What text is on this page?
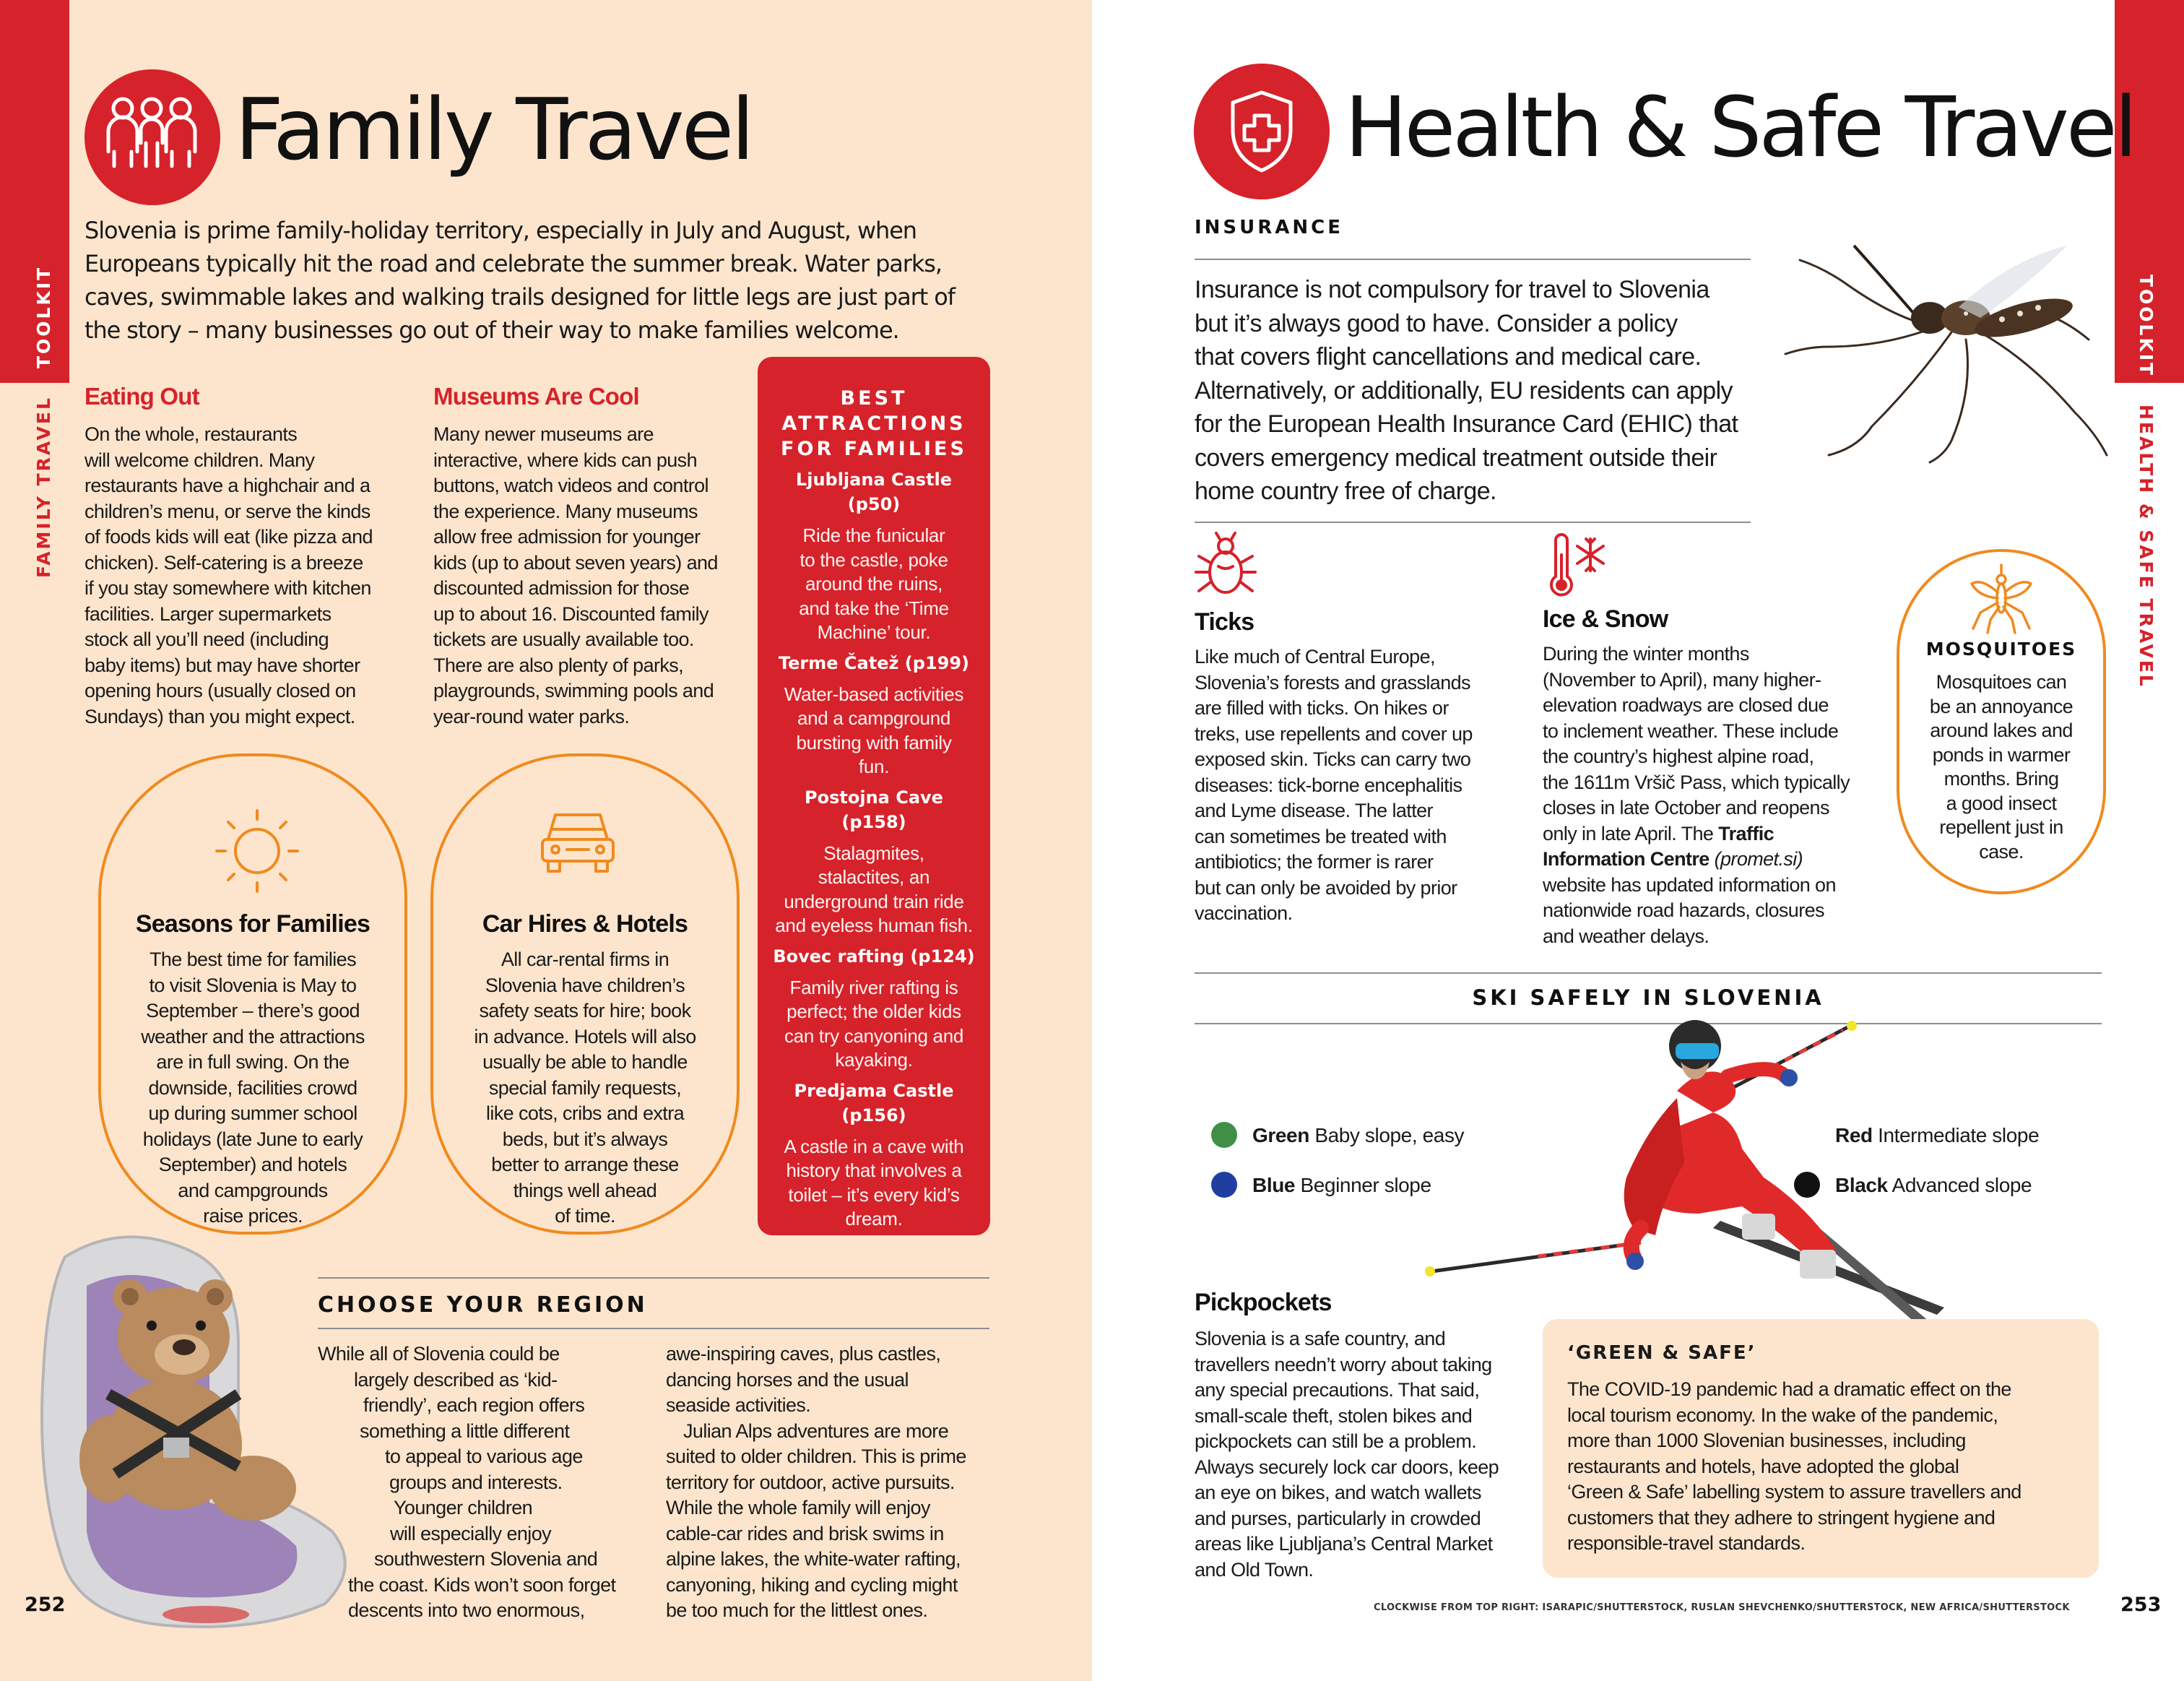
TOOLKIT
FAMILY TRAVEL
Family Travel
Slovenia is prime family-holiday territory, especially in July and August, when
Europeans typically hit the road and celebrate the summer break. Water parks,
caves, swimmable lakes and walking trails designed for little legs are just part of
the story – many businesses go out of their way to make families welcome.
Eating Out
On the whole, restaurants
will welcome children. Many
restaurants have a highchair and a
children’s menu, or serve the kinds
of foods kids will eat (like pizza and
chicken). Self-catering is a breeze
if you stay somewhere with kitchen
facilities. Larger supermarkets
stock all you’ll need (including
baby items) but may have shorter
opening hours (usually closed on
Sundays) than you might expect.
Museums Are Cool
Many newer museums are
interactive, where kids can push
buttons, watch videos and control
the experience. Many museums
allow free admission for younger
kids (up to about seven years) and
discounted admission for those
up to about 16. Discounted family
tickets are usually available too.
There are also plenty of parks,
playgrounds, swimming pools and
year-round water parks.
BEST
ATTRACTIONS
FOR FAMILIES
Ljubljana Castle
(p50)
Ride the funicular
to the castle, poke
around the ruins,
and take the ‘Time
Machine’ tour.
Terme Čatež (p199)
Water-based activities
and a campground
bursting with family
fun.
Postojna Cave (p158)
Stalagmites,
stalactites, an
underground train ride
and eyeless human fish.
Bovec rafting (p124)
Family river rafting is
perfect; the older kids
can try canyoning and
kayaking.
Predjama Castle
(p156)
A castle in a cave with
history that involves a
toilet – it’s every kid’s
dream.
Seasons for Families
The best time for families
to visit Slovenia is May to
September – there’s good
weather and the attractions
are in full swing. On the
downside, facilities crowd
up during summer school
holidays (late June to early
September) and hotels
and campgrounds
raise prices.
Car Hires & Hotels
All car-rental firms in
Slovenia have children’s
safety seats for hire; book
in advance. Hotels will also
usually be able to handle
special family requests,
like cots, cribs and extra
beds, but it’s always
better to arrange these
things well ahead
of time.
CHOOSE YOUR REGION
While all of Slovenia could be
largely described as ‘kid-
friendly’, each region offers
something a little different
to appeal to various age
groups and interests.
Younger children
will especially enjoy
southwestern Slovenia and
the coast. Kids won’t soon forget
descents into two enormous,
awe-inspiring caves, plus castles,
dancing horses and the usual
seaside activities.
Julian Alps adventures are more
suited to older children. This is prime
territory for outdoor, active pursuits.
While the whole family will enjoy
cable-car rides and brisk swims in
alpine lakes, the white-water rafting,
canyoning, hiking and cycling might
be too much for the littlest ones.
252
TOOLKIT
HEALTH & SAFE TRAVEL
Health & Safe Travel
INSURANCE
Insurance is not compulsory for travel to Slovenia
but it’s always good to have. Consider a policy
that covers flight cancellations and medical care.
Alternatively, or additionally, EU residents can apply
for the European Health Insurance Card (EHIC) that
covers emergency medical treatment outside their
home country free of charge.
Ticks
Like much of Central Europe,
Slovenia’s forests and grasslands
are filled with ticks. On hikes or
treks, use repellents and cover up
exposed skin. Ticks can carry two
diseases: tick-borne encephalitis
and Lyme disease. The latter
can sometimes be treated with
antibiotics; the former is rarer
but can only be avoided by prior
vaccination.
Ice & Snow
During the winter months
(November to April), many higher-
elevation roadways are closed due
to inclement weather. These include
the country’s highest alpine road,
the 1611m Vršič Pass, which typically
closes in late October and reopens
only in late April. The Traffic
Information Centre (promet.si)
website has updated information on
nationwide road hazards, closures
and weather delays.
MOSQUITOES
Mosquitoes can
be an annoyance
around lakes and
ponds in warmer
months. Bring
a good insect
repellent just in
case.
SKI SAFELY IN SLOVENIA
Green Baby slope, easy
Blue Beginner slope
Red Intermediate slope
Black Advanced slope
Pickpockets
Slovenia is a safe country, and
travellers needn’t worry about taking
any special precautions. That said,
small-scale theft, stolen bikes and
pickpockets can still be a problem.
Always securely lock car doors, keep
an eye on bikes, and watch wallets
and purses, particularly in crowded
areas like Ljubljana’s Central Market
and Old Town.
‘GREEN & SAFE’
The COVID-19 pandemic had a dramatic effect on the
local tourism economy. In the wake of the pandemic,
more than 1000 Slovenian businesses, including
restaurants and hotels, have adopted the global
‘Green & Safe’ labelling system to assure travellers and
customers that they adhere to stringent hygiene and
responsible-travel standards.
CLOCKWISE FROM TOP RIGHT: ISARAPIC/SHUTTERSTOCK, RUSLAN SHEVCHENKO/SHUTTERSTOCK, NEW AFRICA/SHUTTERSTOCK	253
